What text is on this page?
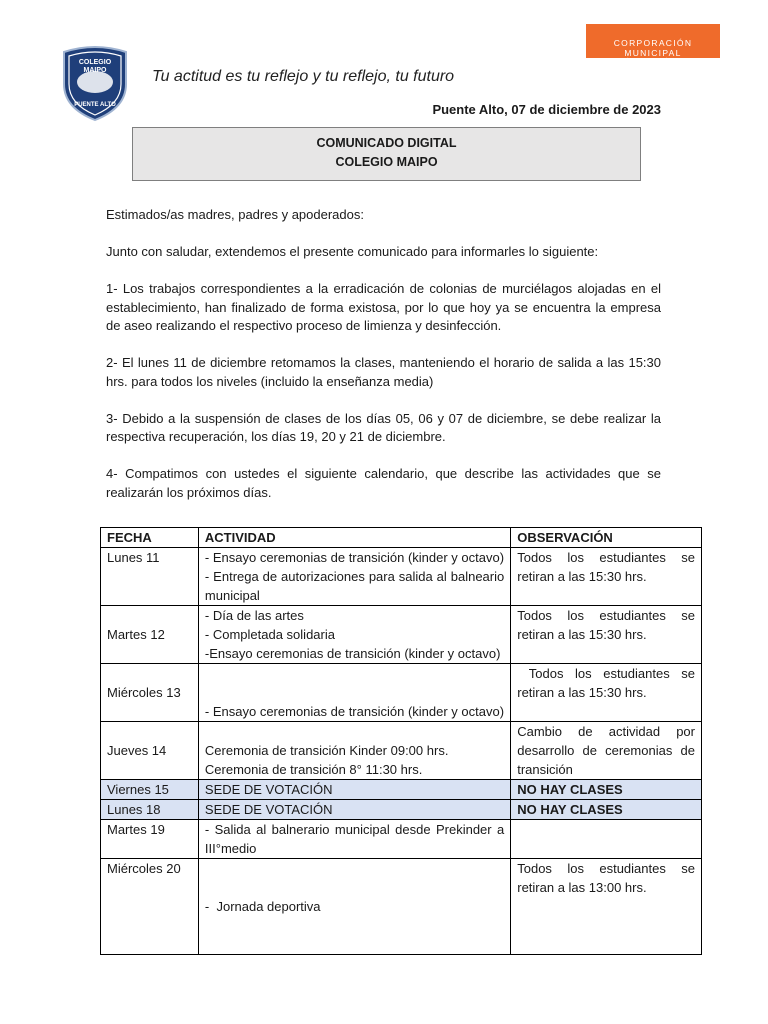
COLEGIO
MAIPO
PUENTE ALTO
Tu actitud es tu reflejo y tu reflejo, tu futuro
CORPORACIÓN MUNICIPAL
EDUCACIÓN, SALUD Y ATENCIÓN DE MENORES
Puente Alto, 07 de diciembre de 2023
COMUNICADO DIGITAL
COLEGIO MAIPO

Estimados/as madres, padres y apoderados:

Junto con saludar, extendemos el presente comunicado para informarles lo siguiente:

1- Los trabajos correspondientes a la erradicación de colonias de murciélagos alojadas en el establecimiento, han finalizado de forma existosa, por lo que hoy ya se encuentra la empresa de aseo realizando el respectivo proceso de limienza y desinfección.

2- El lunes 11 de diciembre retomamos la clases, manteniendo el horario de salida a las 15:30 hrs. para todos los niveles (incluido la enseñanza media)

3- Debido a la suspensión de clases de los días 05, 06 y 07 de diciembre, se debe realizar la respectiva recuperación, los días 19, 20 y 21 de diciembre.

4- Compatimos con ustedes el siguiente calendario, que describe las actividades que se realizarán los próximos días.

FECHA	ACTIVIDAD	OBSERVACIÓN
Lunes 11	- Ensayo ceremonias de transición (kinder y octavo)
- Entrega de autorizaciones para salida al balneario municipal	Todos los estudiantes se retiran a las 15:30 hrs.
Martes 12	- Día de las artes
- Completada solidaria
-Ensayo ceremonias de transición (kinder y octavo)	Todos los estudiantes se retiran a las 15:30 hrs.
Miércoles 13	- Ensayo ceremonias de transición (kinder y octavo)	Todos los estudiantes se retiran a las 15:30 hrs.
Jueves 14	Ceremonia de transición Kinder 09:00 hrs.
Ceremonia de transición 8° 11:30 hrs.	Cambio de actividad por desarrollo de ceremonias de transición
Viernes 15	SEDE DE VOTACIÓN	NO HAY CLASES
Lunes 18	SEDE DE VOTACIÓN	NO HAY CLASES
Martes 19	- Salida al balnerario municipal desde Prekinder a III°medio	

Miércoles 20	-  Jornada deportiva	Todos los estudiantes se retiran a las 13:00 hrs.
